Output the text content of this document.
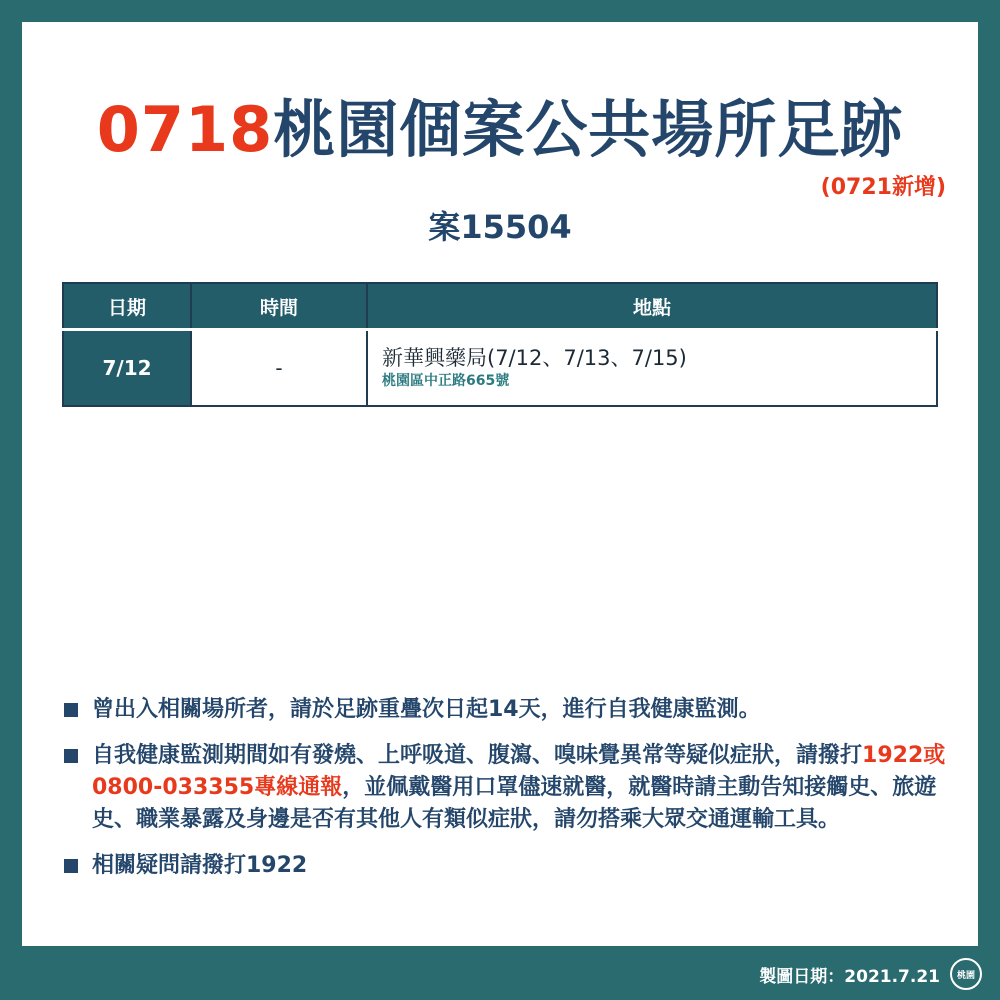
0718桃園個案公共場所足跡
(0721新增)
案15504
日期	時間	地點
7/12	-	新華興藥局(7/12、7/13、7/15)
桃園區中正路665號
曾出入相關場所者，請於足跡重疊次日起14天，進行自我健康監測。
自我健康監測期間如有發燒、上呼吸道、腹瀉、嗅味覺異常等疑似症狀，請撥打1922或0800-033355專線通報，並佩戴醫用口罩儘速就醫，就醫時請主動告知接觸史、旅遊史、職業暴露及身邊是否有其他人有類似症狀，請勿搭乘大眾交通運輸工具。
相關疑問請撥打1922
製圖日期：2021.7.21	桃園
